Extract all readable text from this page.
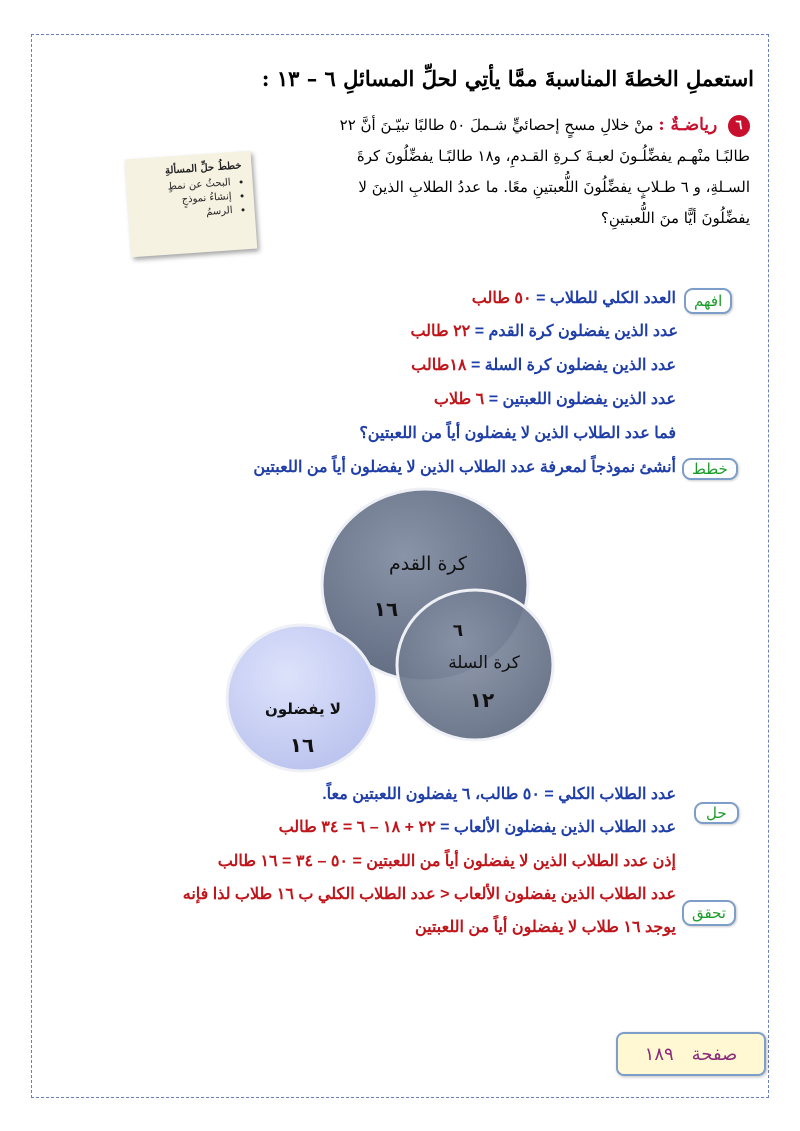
استعملِ الخطةَ المناسبةَ ممَّا يأتِي لحلِّ المسائلِ ٦ – ١٣ :
٦ رياضـةٌ : منْ خلالِ مسحٍ إحصائيٍّ شـملَ ٥٠ طالبًا تبيّـنَ أنَّ ٢٢ طالبًـا منْهـم يفضِّلُـونَ لعبـةَ كـرةِ القـدمِ، و١٨ طالبًـا يفضِّلُونَ كرةَ السـلةِ، و ٦ طـلابٍ يفضِّلُونَ اللُّعبتينِ معًا. ما عددُ الطلابِ الذينَ لا يفضِّلُونَ أيًّا منَ اللُّعبتينِ؟
خططُ حلِّ المسألةِ
• البحثُ عن نمطٍ
• إنشاءُ نموذجٍ
• الرسمُ
افهم
العدد الكلي للطلاب = ٥٠ طالب
عدد الذين يفضلون كرة القدم = ٢٢ طالب
عدد الذين يفضلون كرة السلة = ١٨طالب
عدد الذين يفضلون اللعبتين = ٦ طلاب
فما عدد الطلاب الذين لا يفضلون أياً من اللعبتين؟
خطط
أنشئ نموذجاً لمعرفة عدد الطلاب الذين لا يفضلون أياً من اللعبتين
كرة القدم
١٦
٦
كرة السلة
١٢
لا يفضلون
١٦
حل
عدد الطلاب الكلي = ٥٠ طالب، ٦ يفضلون اللعبتين معاً.
عدد الطلاب الذين يفضلون الألعاب = ٢٢ + ١٨ – ٦ = ٣٤ طالب
إذن عدد الطلاب الذين لا يفضلون أياً من اللعبتين = ٥٠ – ٣٤ = ١٦ طالب
تحقق
عدد الطلاب الذين يفضلون الألعاب < عدد الطلاب الكلي ب ١٦ طلاب لذا فإنه
يوجد ١٦ طلاب لا يفضلون أياً من اللعبتين
صفحة
١٨٩
